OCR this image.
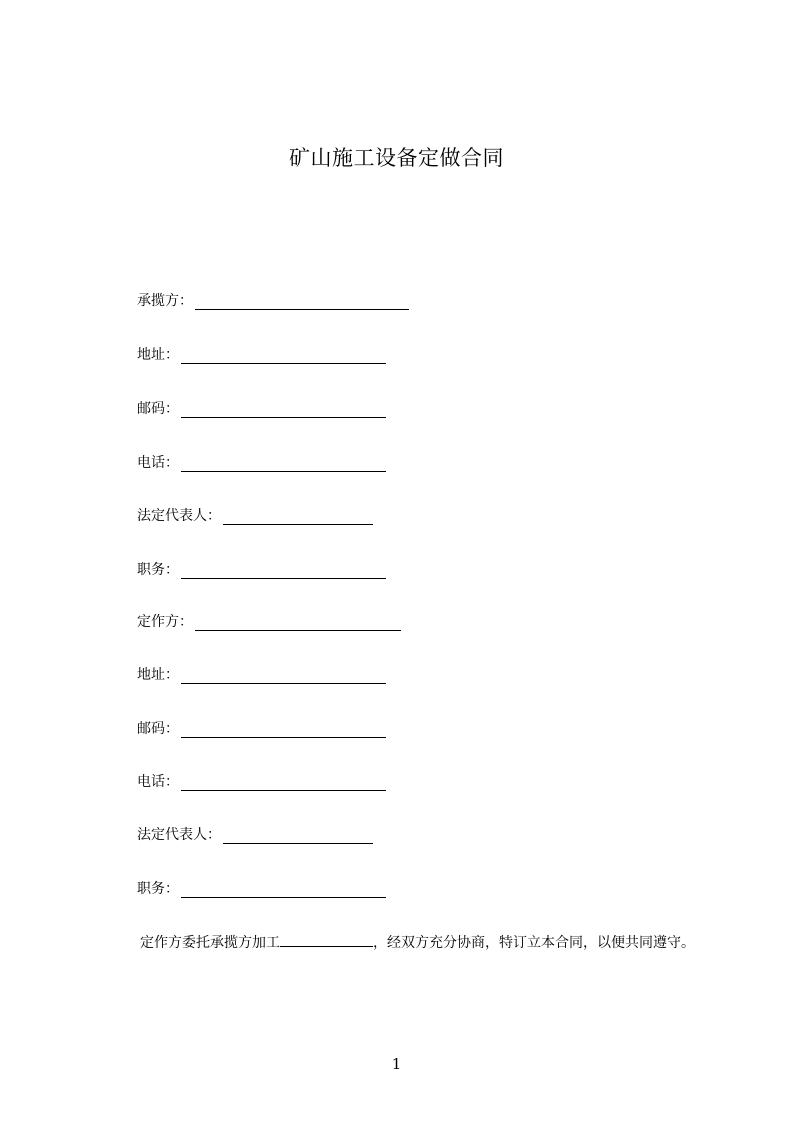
矿山施工设备定做合同
承揽方：
地址：
邮码：
电话：
法定代表人：
职务：
定作方：
地址：
邮码：
电话：
法定代表人：
职务：
定作方委托承揽方加工	，经双方充分协商，特订立本合同，以便共同遵守。
1
